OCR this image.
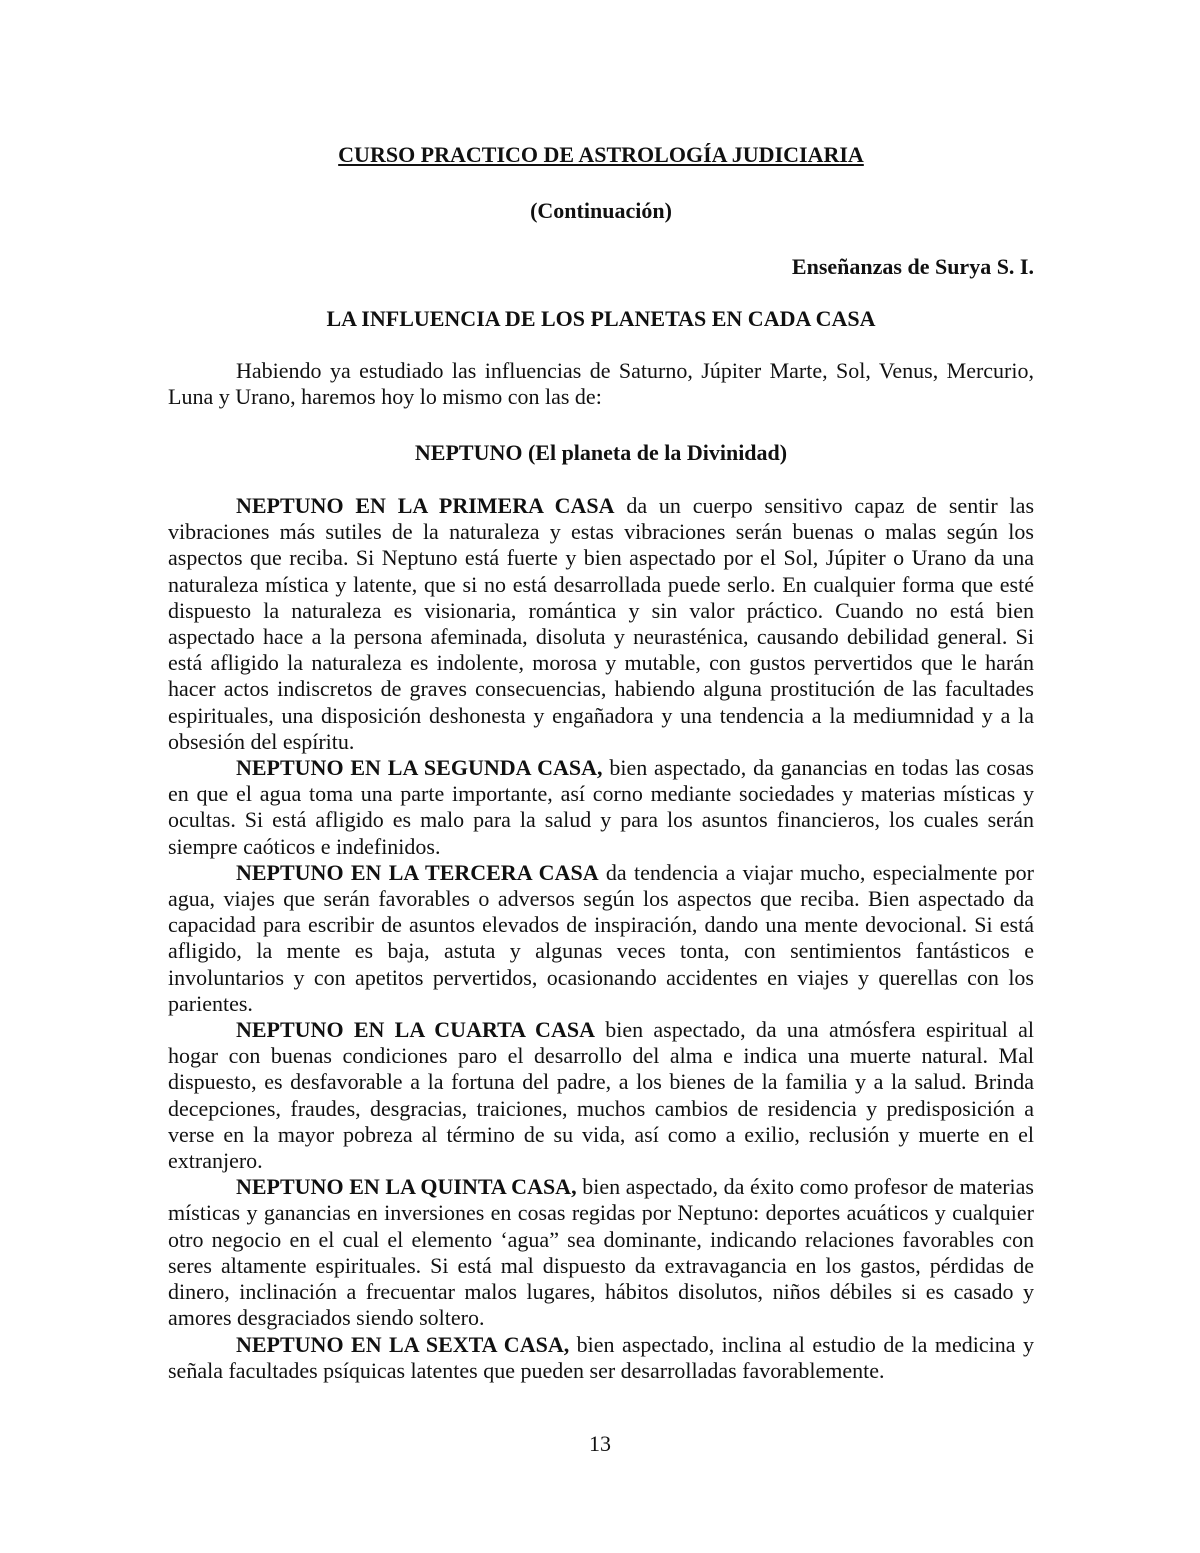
CURSO PRACTICO DE ASTROLOGÍA JUDICIARIA

(Continuación)

Enseñanzas de Surya S. I.

LA INFLUENCIA DE LOS PLANETAS EN CADA CASA

Habiendo ya estudiado las influencias de Saturno, Júpiter Marte, Sol, Venus, Mercurio, Luna y Urano, haremos hoy lo mismo con las de:

NEPTUNO (El planeta de la Divinidad)

NEPTUNO EN LA PRIMERA CASA da un cuerpo sensitivo capaz de sentir las vibraciones más sutiles de la naturaleza y estas vibraciones serán buenas o malas según los aspectos que reciba. Si Neptuno está fuerte y bien aspectado por el Sol, Júpiter o Urano da una naturaleza mística y latente, que si no está desarrollada puede serlo. En cualquier forma que esté dispuesto la naturaleza es visionaria, romántica y sin valor práctico. Cuando no está bien aspectado hace a la persona afeminada, disoluta y neurasténica, causando debilidad general. Si está afligido la naturaleza es indolente, morosa y mutable, con gustos pervertidos que le harán hacer actos indiscretos de graves consecuencias, habiendo alguna prostitución de las facultades espirituales, una disposición deshonesta y engañadora y una tendencia a la mediumnidad y a la obsesión del espíritu.

NEPTUNO EN LA SEGUNDA CASA, bien aspectado, da ganancias en todas las cosas en que el agua toma una parte importante, así corno mediante sociedades y materias místicas y ocultas. Si está afligido es malo para la salud y para los asuntos financieros, los cuales serán siempre caóticos e indefinidos.

NEPTUNO EN LA TERCERA CASA da tendencia a viajar mucho, especialmente por agua, viajes que serán favorables o adversos según los aspectos que reciba. Bien aspectado da capacidad para escribir de asuntos elevados de inspiración, dando una mente devocional. Si está afligido, la mente es baja, astuta y algunas veces tonta, con sentimientos fantásticos e involuntarios y con apetitos pervertidos, ocasionando accidentes en viajes y querellas con los parientes.

NEPTUNO EN LA CUARTA CASA bien aspectado, da una atmósfera espiritual al hogar con buenas condiciones paro el desarrollo del alma e indica una muerte natural. Mal dispuesto, es desfavorable a la fortuna del padre, a los bienes de la familia y a la salud. Brinda decepciones, fraudes, desgracias, traiciones, muchos cambios de residencia y predisposición a verse en la mayor pobreza al término de su vida, así como a exilio, reclusión y muerte en el extranjero.

NEPTUNO EN LA QUINTA CASA, bien aspectado, da éxito como profesor de materias místicas y ganancias en inversiones en cosas regidas por Neptuno: deportes acuáticos y cualquier otro negocio en el cual el elemento ‘agua” sea dominante, indicando relaciones favorables con seres altamente espirituales. Si está mal dispuesto da extravagancia en los gastos, pérdidas de dinero, inclinación a frecuentar malos lugares, hábitos disolutos, niños débiles si es casado y amores desgraciados siendo soltero.

NEPTUNO EN LA SEXTA CASA, bien aspectado, inclina al estudio de la medicina y señala facultades psíquicas latentes que pueden ser desarrolladas favorablemente.

13
